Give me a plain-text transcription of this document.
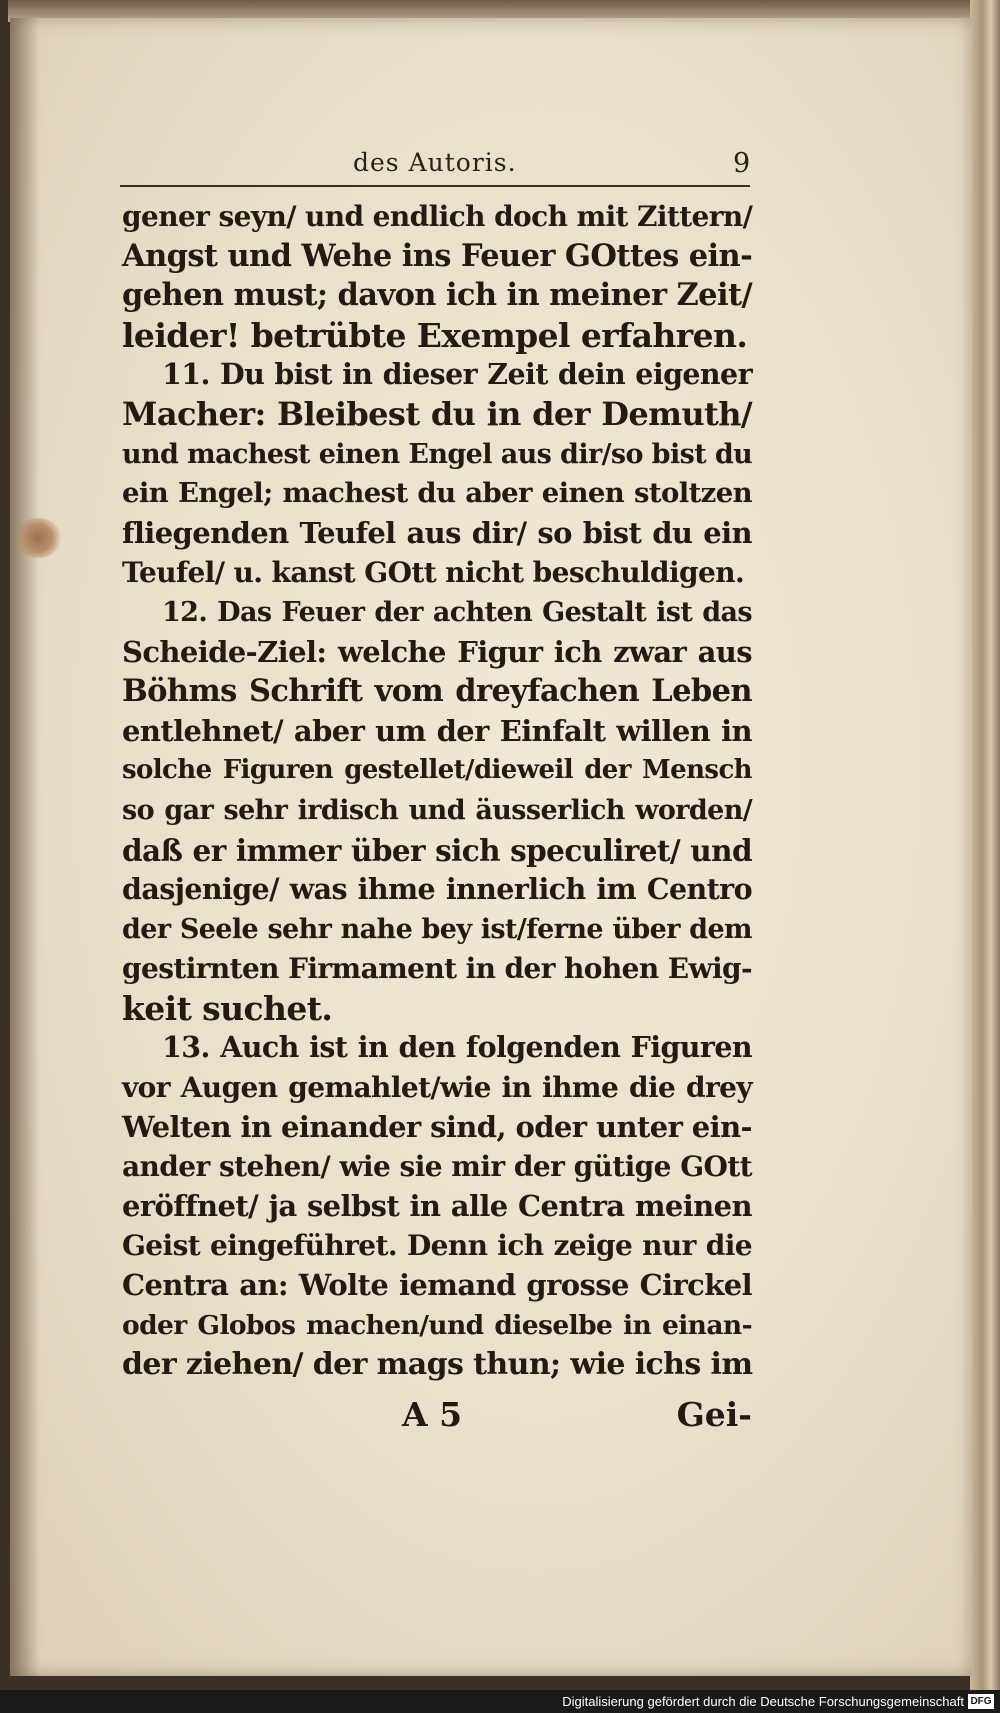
des Autoris.	9
gener seyn/ und endlich doch mit Zittern/
Angst und Wehe ins Feuer GOttes ein-
gehen must; davon ich in meiner Zeit/
leider! betrübte Exempel erfahren.
11. Du bist in dieser Zeit dein eigener
Macher: Bleibest du in der Demuth/
und machest einen Engel aus dir/so bist du
ein Engel; machest du aber einen stoltzen
fliegenden Teufel aus dir/ so bist du ein
Teufel/ u. kanst GOtt nicht beschuldigen.
12. Das Feuer der achten Gestalt ist das
Scheide-Ziel: welche Figur ich zwar aus
Böhms Schrift vom dreyfachen Leben
entlehnet/ aber um der Einfalt willen in
solche Figuren gestellet/dieweil der Mensch
so gar sehr irdisch und äusserlich worden/
daß er immer über sich speculiret/ und
dasjenige/ was ihme innerlich im Centro
der Seele sehr nahe bey ist/ferne über dem
gestirnten Firmament in der hohen Ewig-
keit suchet.
13. Auch ist in den folgenden Figuren
vor Augen gemahlet/wie in ihme die drey
Welten in einander sind, oder unter ein-
ander stehen/ wie sie mir der gütige GOtt
eröffnet/ ja selbst in alle Centra meinen
Geist eingeführet. Denn ich zeige nur die
Centra an: Wolte iemand grosse Circkel
oder Globos machen/und dieselbe in einan-
der ziehen/ der mags thun; wie ichs im
A 5	Gei-
Digitalisierung gefördert durch die Deutsche Forschungsgemeinschaft DFG
